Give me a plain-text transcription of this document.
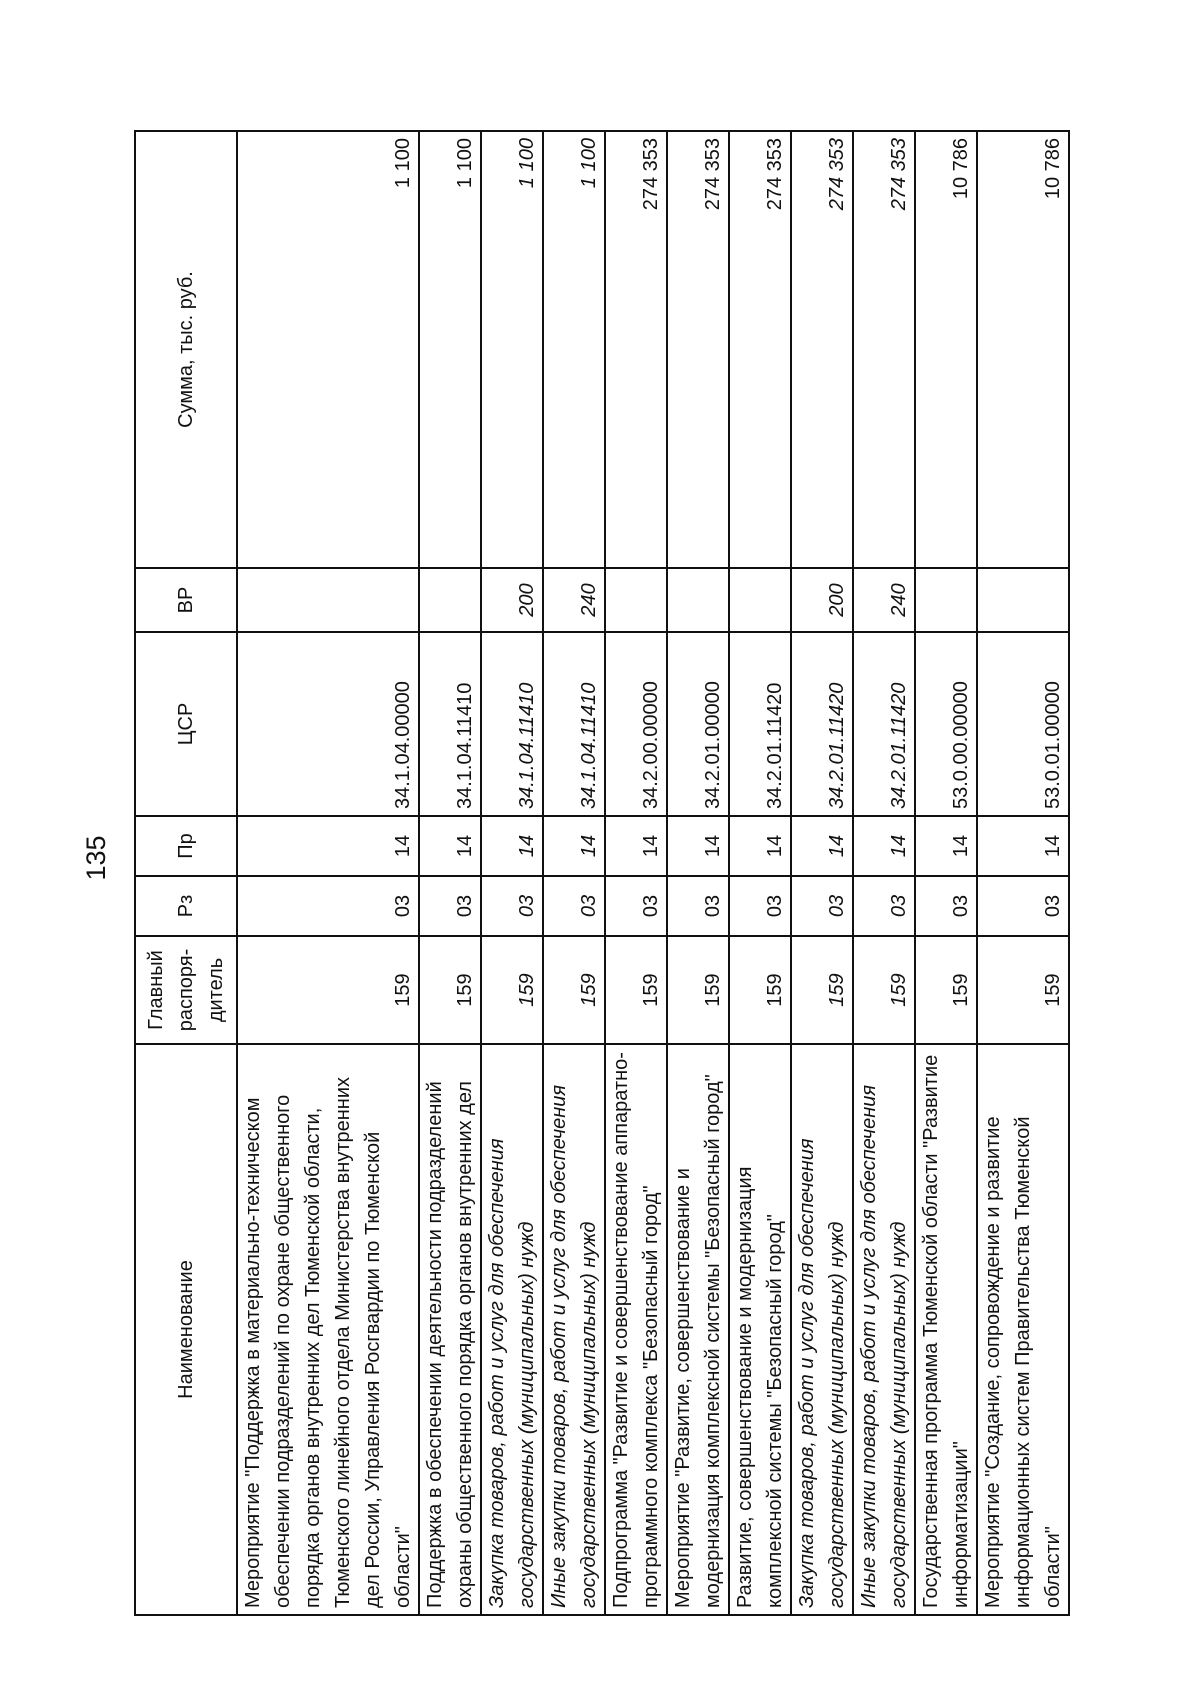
135
Наименование	Главный распоря-дитель	Рз	Пр	ЦСР	ВР	Сумма, тыс. руб.
Мероприятие "Поддержка в материально-техническом обеспечении подразделений по охране общественного порядка органов внутренних дел Тюменской области, Тюменского линейного отдела Министерства внутренних дел России, Управления Росгвардии по Тюменской области"	159	03	14	34.1.04.00000		1 100
Поддержка в обеспечении деятельности подразделений охраны общественного порядка органов внутренних дел	159	03	14	34.1.04.11410		1 100
Закупка товаров, работ и услуг для обеспечения государственных (муниципальных) нужд	159	03	14	34.1.04.11410	200	1 100
Иные закупки товаров, работ и услуг для обеспечения государственных (муниципальных) нужд	159	03	14	34.1.04.11410	240	1 100
Подпрограмма "Развитие и совершенствование аппаратно-программного комплекса "Безопасный город"	159	03	14	34.2.00.00000		274 353
Мероприятие "Развитие, совершенствование и модернизация комплексной системы "Безопасный город"	159	03	14	34.2.01.00000		274 353
Развитие, совершенствование и модернизация комплексной системы "Безопасный город"	159	03	14	34.2.01.11420		274 353
Закупка товаров, работ и услуг для обеспечения государственных (муниципальных) нужд	159	03	14	34.2.01.11420	200	274 353
Иные закупки товаров, работ и услуг для обеспечения государственных (муниципальных) нужд	159	03	14	34.2.01.11420	240	274 353
Государственная программа Тюменской области "Развитие информатизации"	159	03	14	53.0.00.00000		10 786
Мероприятие "Создание, сопровождение и развитие информационных систем Правительства Тюменской области"	159	03	14	53.0.01.00000		10 786
